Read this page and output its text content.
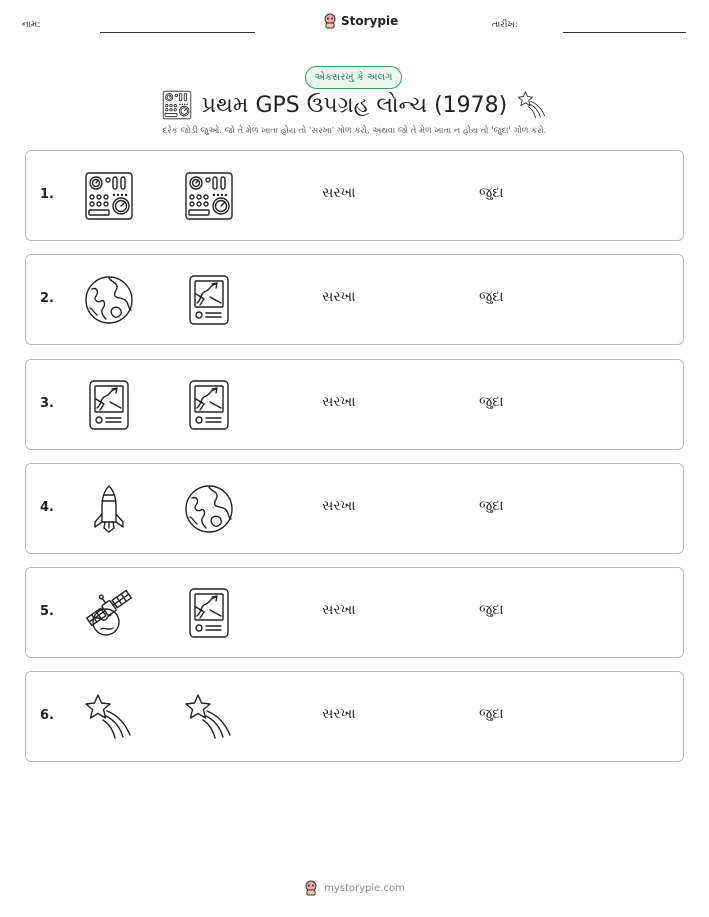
નામ:	Storypie	તારીખ:
એકસરખું કે અલગ
પ્રથમ GPS ઉપગ્રહ લોન્ચ (1978)
દરેક જોડી જુઓ. જો તે મેળ ખાતા હોય તો 'સરખા' ગોળ કરો, અથવા જો તે મેળ ખાતા ન હોય તો 'જુદા' ગોળ કરો.
1.	સરખા	જુદા
2.	સરખા	જુદા
3.	સરખા	જુદા
4.	સરખા	જુદા
5.	સરખા	જુદા
6.	સરખા	જુદા
mystorypie.com
